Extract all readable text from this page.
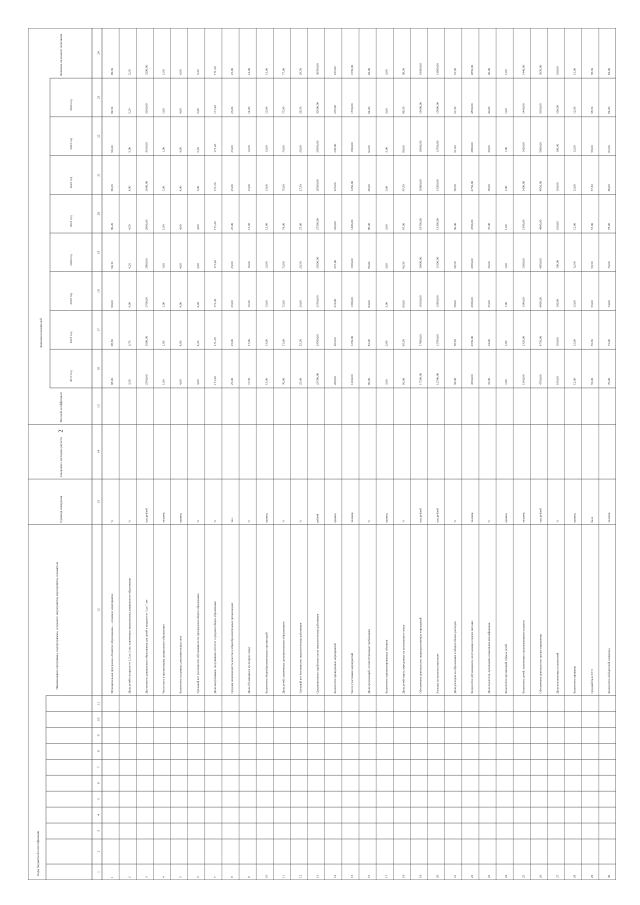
2
Коды бюджетной классификации
Наименование программы, подпрограммы, основного мероприятия, мероприятия, показателя
Единица измерения
Сведения о методике расчета
Весовой коэффициент
Значения показателей
2017 год
2018 год
2019 год
2020 год
2021 год
2022 год
2023 год
2024 год
Значение на момент окончания
1
2
3
4
5
6
7
8
9
10
11
12
13
14
15
16
17
18
19
20
21
22
23
24
1
Муниципальная программа «Развитие образования» ... основное мероприятие
%
98,00
98,50
99,00
99,10
99,20
99,30
99,40
99,50
99,50
2
Доля детей в возрасте от 1,5 до 3 лет, охваченных программами дошкольного образования
%
3,50
3,70
4,00
4,20
4,50
4,80
5,00
5,20
5,20
3
Доступность дошкольного образования для детей в возрасте от 3 до 7 лет
тыс.рублей
2500,00
2600,00
2700,00
2800,00
2900,00
3000,00
3100,00
3200,00
3200,00
4
Число мест в организациях дошкольного образования
человек
1,00
1,00
1,00
1,00
1,00
1,00
1,00
1,00
1,00
5
Количество созданных дополнительных мест
единиц
4,00
4,00
4,00
4,00
4,00
4,00
4,00
4,00
4,00
6
Удельный вес численности обучающихся по программам общего образования
%
4,00
4,20
4,40
4,60
4,80
5,00
5,20
5,40
5,40
7
Доля выпускников, получивших аттестат о среднем общем образовании
%
171,20
171,20
171,20
171,20
171,20
171,20
171,20
171,20
171,20
8
Средняя наполняемость классов в общеобразовательных организациях
чел.
25,00
25,00
25,00
25,00
25,00
25,00
25,00
25,00
25,00
9
Доля обучающихся во вторую смену
%
17,50
17,00
16,50
16,00
15,50
15,00
14,50
14,00
14,00
10
Количество общеобразовательных организаций
единиц
13,00
13,00
13,00
13,00
13,00
13,00
13,00
13,00
13,00
11
Доля детей, охваченных дополнительным образованием
%
70,00
71,00
72,00
73,00
74,00
75,00
76,00
77,00
77,00
12
Удельный вес численности педагогических работников
%
25,00
25,50
26,00
26,50
27,00
27,50
28,00
28,50
28,50
13
Среднемесячная заработная плата педагогических работников
рублей
23500,00
24500,00
25500,00
26500,00
27500,00
28500,00
29500,00
30500,00
30500,00
14
Количество проведенных мероприятий
единиц
200,00
205,00
210,00
215,00
220,00
225,00
230,00
235,00
235,00
15
Число участников мероприятий
человек
1200,00
1250,00
1300,00
1350,00
1400,00
1450,00
1500,00
1550,00
1550,00
16
Доля организаций, соответствующих требованиям
%
80,00
82,00
84,00
86,00
88,00
90,00
92,00
94,00
94,00
17
Количество отремонтированных объектов
единиц
3,00
3,00
3,00
3,00
3,00
3,00
3,00
3,00
3,00
18
Доля детей-сирот, переданных на воспитание в семьи
%
95,00
95,50
96,00
96,50
97,00
97,50
98,00
98,50
98,50
19
Обеспечение деятельности подведомственных учреждений
тыс.рублей
17500,00
17800,00
18100,00
18400,00
18700,00
19000,00
19300,00
19600,00
19600,00
20
Расходы на выплаты персоналу
тыс.рублей
12500,00
12700,00
12900,00
13100,00
13300,00
13500,00
13700,00
13900,00
13900,00
21
Доля расходов на образование в общем объеме расходов
%
58,00
58,50
59,00
59,50
60,00
60,50
61,00
61,50
61,50
22
Количество обучающихся, получающих горячее питание
человек
4500,00
4550,00
4600,00
4650,00
4700,00
4750,00
4800,00
4850,00
4850,00
23
Доля педагогов, прошедших повышение квалификации
%
33,00
34,00
35,00
36,00
37,00
38,00
39,00
40,00
40,00
24
Количество организаций отдыха детей
единиц
1,00
1,00
1,00
1,00
1,00
1,00
1,00
1,00
1,00
25
Количество детей, охваченных организованным отдыхом
человек
1300,00
1320,00
1340,00
1360,00
1380,00
1400,00
1420,00
1440,00
1440,00
26
Обеспечение деятельности органа управления
тыс.рублей
4700,00
4750,00
4800,00
4850,00
4900,00
4950,00
5000,00
5050,00
5050,00
27
Доля исполненных полномочий
%
100,00
100,00
100,00
100,00
100,00
100,00
100,00
100,00
100,00
28
Количество проверок
единиц
12,00
12,00
12,00
12,00
12,00
12,00
12,00
12,00
12,00
29
Средний балл ЕГЭ
балл
55,00
55,50
56,00
56,50
57,00
57,50
58,00
58,50
58,50
30
Количество победителей олимпиад
человек
70,00
72,00
74,00
76,00
78,00
80,00
82,00
84,00
84,00
